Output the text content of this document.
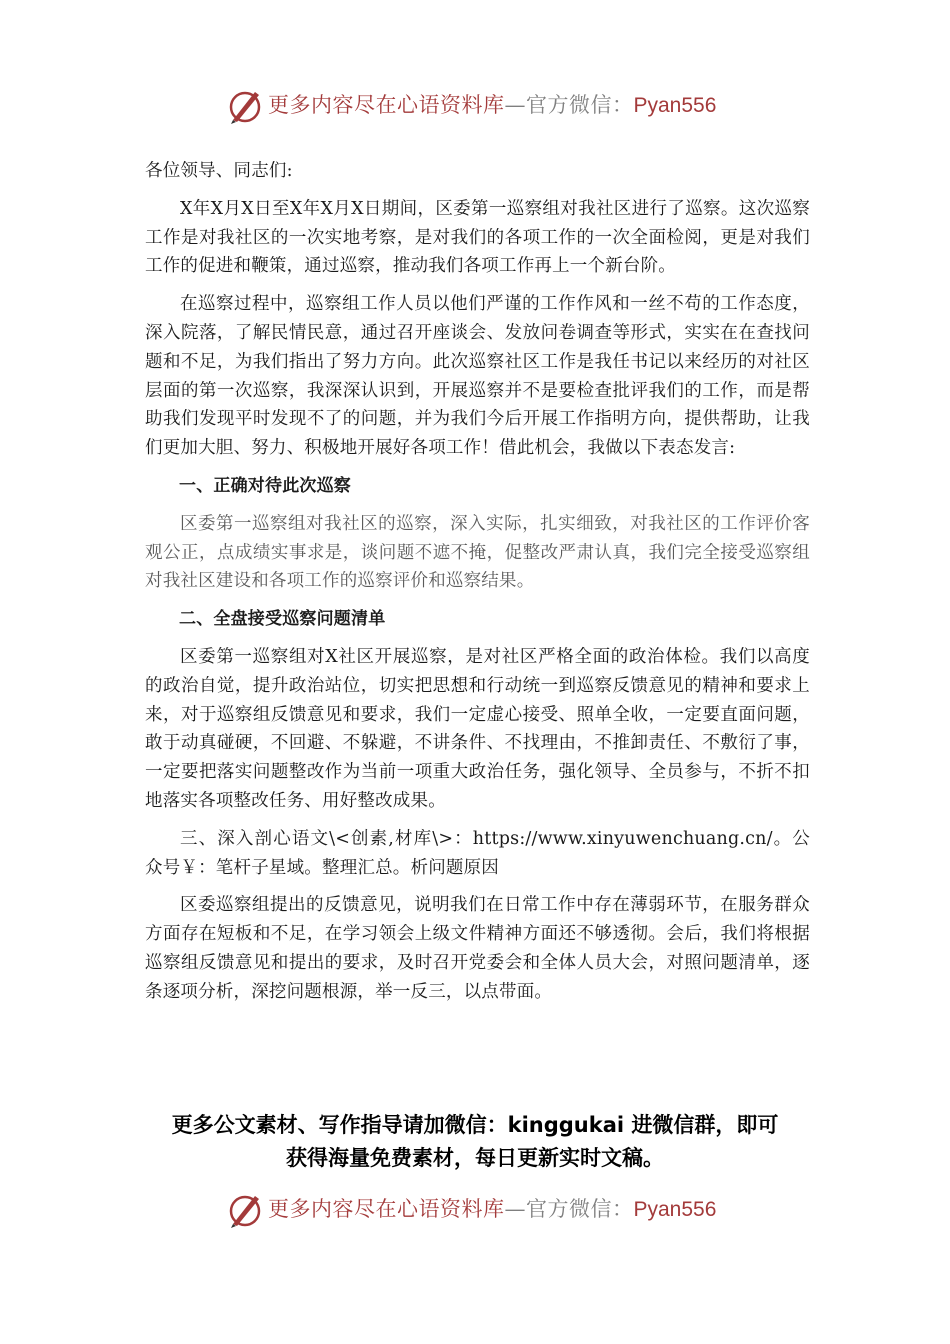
更多内容尽在心语资料库—官方微信：Pyan556

各位领导、同志们:

X年X月X日至X年X月X日期间，区委第一巡察组对我社区进行了巡察。这次巡察工作是对我社区的一次实地考察，是对我们的各项工作的一次全面检阅，更是对我们工作的促进和鞭策，通过巡察，推动我们各项工作再上一个新台阶。

在巡察过程中，巡察组工作人员以他们严谨的工作作风和一丝不苟的工作态度，深入院落，了解民情民意，通过召开座谈会、发放问卷调查等形式，实实在在查找问题和不足，为我们指出了努力方向。此次巡察社区工作是我任书记以来经历的对社区层面的第一次巡察，我深深认识到，开展巡察并不是要检查批评我们的工作，而是帮助我们发现平时发现不了的问题，并为我们今后开展工作指明方向，提供帮助，让我们更加大胆、努力、积极地开展好各项工作！借此机会，我做以下表态发言:

一、正确对待此次巡察

区委第一巡察组对我社区的巡察，深入实际，扎实细致，对我社区的工作评价客观公正，点成绩实事求是，谈问题不遮不掩，促整改严肃认真，我们完全接受巡察组对我社区建设和各项工作的巡察评价和巡察结果。

二、全盘接受巡察问题清单

区委第一巡察组对X社区开展巡察，是对社区严格全面的政治体检。我们以高度的政治自觉，提升政治站位，切实把思想和行动统一到巡察反馈意见的精神和要求上来，对于巡察组反馈意见和要求，我们一定虚心接受、照单全收，一定要直面问题，敢于动真碰硬，不回避、不躲避，不讲条件、不找理由，不推卸责任、不敷衍了事，一定要把落实问题整改作为当前一项重大政治任务，强化领导、全员参与，不折不扣地落实各项整改任务、用好整改成果。

三、深入剖心语文\<创素,材库\>：https://www.xinyuwenchuang.cn/。公众号￥：笔杆子星域。整理汇总。析问题原因

区委巡察组提出的反馈意见，说明我们在日常工作中存在薄弱环节，在服务群众方面存在短板和不足，在学习领会上级文件精神方面还不够透彻。会后，我们将根据巡察组反馈意见和提出的要求，及时召开党委会和全体人员大会，对照问题清单，逐条逐项分析，深挖问题根源，举一反三，以点带面。

更多公文素材、写作指导请加微信：kinggukai 进微信群，即可
获得海量免费素材，每日更新实时文稿。
更多内容尽在心语资料库—官方微信：Pyan556
